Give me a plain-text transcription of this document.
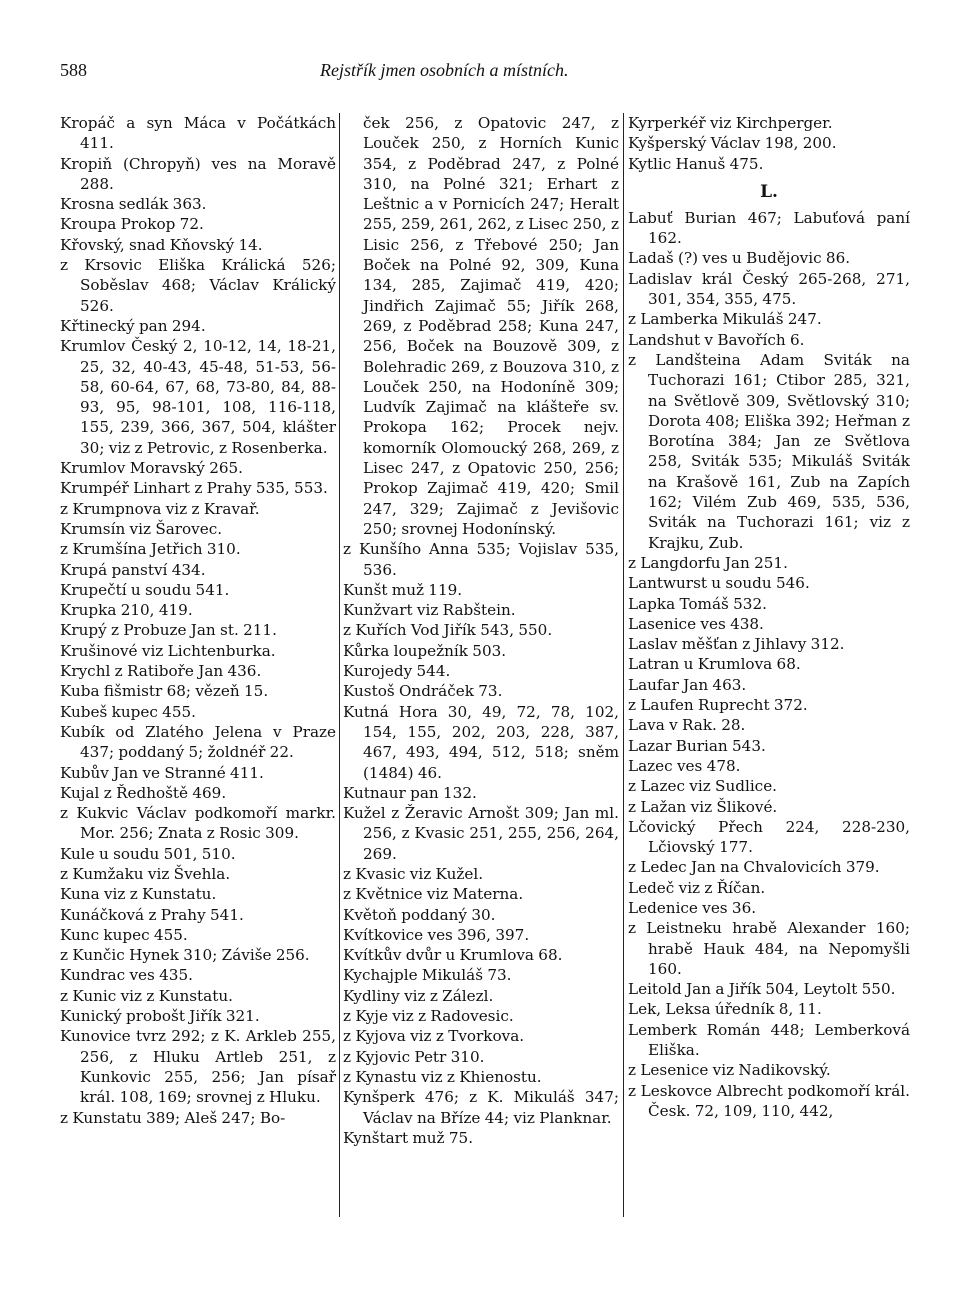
588	Rejstřík jmen osobních a místních.

Kropáč a syn Máca v Počátkách 411.

Kropiň (Chropyň) ves na Moravě 288.

Krosna sedlák 363.

Kroupa Prokop 72.

Křovský, snad Kňovský 14.

z Krsovic Eliška Králická 526; Soběslav 468; Václav Králický 526.

Křtinecký pan 294.

Krumlov Český 2, 10-12, 14, 18-21, 25, 32, 40-43, 45-48, 51-53, 56-58, 60-64, 67, 68, 73-80, 84, 88-93, 95, 98-101, 108, 116-118, 155, 239, 366, 367, 504, klášter 30; viz z Petrovic, z Rosenberka.

Krumlov Moravský 265.

Krumpéř Linhart z Prahy 535, 553.

z Krumpnova viz z Kravař.

Krumsín viz Šarovec.

z Krumšína Jetřich 310.

Krupá panství 434.

Krupečtí u soudu 541.

Krupka 210, 419.

Krupý z Probuze Jan st. 211.

Krušinové viz Lichtenburka.

Krychl z Ratiboře Jan 436.

Kuba fišmistr 68; vězeň 15.

Kubeš kupec 455.

Kubík od Zlatého Jelena v Praze 437; poddaný 5; žoldnéř 22.

Kubův Jan ve Stranné 411.

Kujal z Ředhoště 469.

z Kukvic Václav podkomoří markr. Mor. 256; Znata z Rosic 309.

Kule u soudu 501, 510.

z Kumžaku viz Švehla.

Kuna viz z Kunstatu.

Kunáčková z Prahy 541.

Kunc kupec 455.

z Kunčic Hynek 310; Záviše 256.

Kundrac ves 435.

z Kunic viz z Kunstatu.

Kunický probošt Jiřík 321.

Kunovice tvrz 292; z K. Arkleb 255, 256, z Hluku Artleb 251, z Kunkovic 255, 256; Jan písař král. 108, 169; srovnej z Hluku.

z Kunstatu 389; Aleš 247; Bo-

ček 256, z Opatovic 247, z Louček 250, z Horních Kunic 354, z Poděbrad 247, z Polné 310, na Polné 321; Erhart z Leštnic a v Pornicích 247; Heralt 255, 259, 261, 262, z Lisec 250, z Lisic 256, z Třebové 250; Jan Boček na Polné 92, 309, Kuna 134, 285, Zajimač 419, 420; Jindřich Zajimač 55; Jiřík 268, 269, z Poděbrad 258; Kuna 247, 256, Boček na Bouzově 309, z Bolehradic 269, z Bouzova 310, z Louček 250, na Hodoníně 309; Ludvík Zajimač na klášteře sv. Prokopa 162; Procek nejv. komorník Olomoucký 268, 269, z Lisec 247, z Opatovic 250, 256; Prokop Zajimač 419, 420; Smil 247, 329; Zajimač z Jevišovic 250; srovnej Hodonínský.

z Kunšího Anna 535; Vojislav 535, 536.

Kunšt muž 119.

Kunžvart viz Rabštein.

z Kuřích Vod Jiřík 543, 550.

Kůrka loupežník 503.

Kurojedy 544.

Kustoš Ondráček 73.

Kutná Hora 30, 49, 72, 78, 102, 154, 155, 202, 203, 228, 387, 467, 493, 494, 512, 518; sněm (1484) 46.

Kutnaur pan 132.

Kužel z Žeravic Arnošt 309; Jan ml. 256, z Kvasic 251, 255, 256, 264, 269.

z Kvasic viz Kužel.

z Květnice viz Materna.

Květoň poddaný 30.

Kvítkovice ves 396, 397.

Kvítkův dvůr u Krumlova 68.

Kychajple Mikuláš 73.

Kydliny viz z Zálezl.

z Kyje viz z Radovesic.

z Kyjova viz z Tvorkova.

z Kyjovic Petr 310.

z Kynastu viz z Khienostu.

Kynšperk 476; z K. Mikuláš 347; Václav na Bříze 44; viz Planknar.

Kynštart muž 75.

Kyrperkéř viz Kirchperger.

Kyšperský Václav 198, 200.

Kytlic Hanuš 475.

L.

Labuť Burian 467; Labuťová paní 162.

Ladaš (?) ves u Budějovic 86.

Ladislav král Český 265-268, 271, 301, 354, 355, 475.

z Lamberka Mikuláš 247.

Landshut v Bavořích 6.

z Landšteina Adam Sviták na Tuchorazi 161; Ctibor 285, 321, na Světlově 309, Světlovský 310; Dorota 408; Eliška 392; Heřman z Borotína 384; Jan ze Světlova 258, Sviták 535; Mikuláš Sviták na Krašově 161, Zub na Zapích 162; Vilém Zub 469, 535, 536, Sviták na Tuchorazi 161; viz z Krajku, Zub.

z Langdorfu Jan 251.

Lantwurst u soudu 546.

Lapka Tomáš 532.

Lasenice ves 438.

Laslav měšťan z Jihlavy 312.

Latran u Krumlova 68.

Laufar Jan 463.

z Laufen Ruprecht 372.

Lava v Rak. 28.

Lazar Burian 543.

Lazec ves 478.

z Lazec viz Sudlice.

z Lažan viz Šlikové.

Lčovický Přech 224, 228-230, Lčiovský 177.

z Ledec Jan na Chvalovicích 379.

Ledeč viz z Říčan.

Ledenice ves 36.

z Leistneku hrabě Alexander 160; hrabě Hauk 484, na Nepomyšli 160.

Leitold Jan a Jiřík 504, Leytolt 550.

Lek, Leksa úředník 8, 11.

Lemberk Román 448; Lemberková Eliška.

z Lesenice viz Nadikovský.

z Leskovce Albrecht podkomoří král. Česk. 72, 109, 110, 442,
